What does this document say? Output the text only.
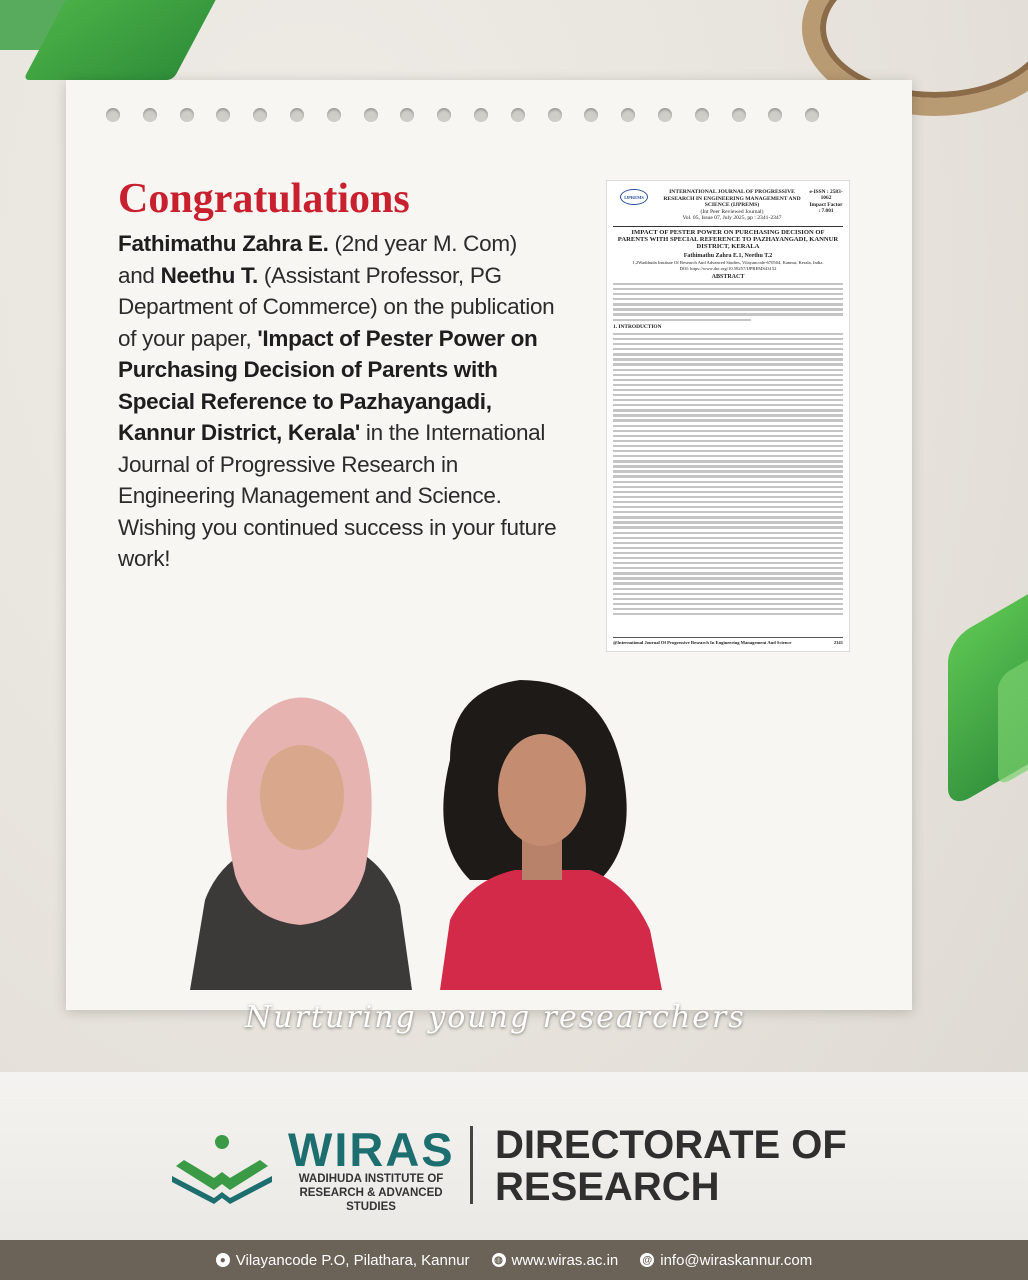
Congratulations

Fathimathu Zahra E. (2nd year M. Com) and Neethu T. (Assistant Professor, PG Department of Commerce) on the publication of your paper, 'Impact of Pester Power on Purchasing Decision of Parents with Special Reference to Pazhayangadi, Kannur District, Kerala' in the International Journal of Progressive Research in Engineering Management and Science. Wishing you continued success in your future work!

IJPREMS
INTERNATIONAL JOURNAL OF PROGRESSIVE RESEARCH IN ENGINEERING MANAGEMENT AND SCIENCE (IJPREMS)
(Int Peer Reviewed Journal)
Vol. 05, Issue 07, July 2025, pp : 2341-2347
e-ISSN : 2583-1062
Impact Factor : 7.001
IMPACT OF PESTER POWER ON PURCHASING DECISION OF PARENTS WITH SPECIAL REFERENCE TO PAZHAYANGADI, KANNUR DISTRICT, KERALA
Fathimathu Zahra E.1, Neethu T.2
1,2Wadihuda Institute Of Research And Advanced Studies, Vilayancode-670504, Kannur, Kerala, India.
DOI: https://www.doi.org/10.58257/IJPREMS43152
ABSTRACT
1. INTRODUCTION
@International Journal Of Progressive Research In Engineering Management And Science	2341

Nurturing young researchers

WIRAS

WADIHUDA INSTITUTE OF
RESEARCH & ADVANCED STUDIES

DIRECTORATE OF
RESEARCH
● Vilayancode P.O, Pilathara, Kannur ◍ www.wiras.ac.in @ info@wiraskannur.com
